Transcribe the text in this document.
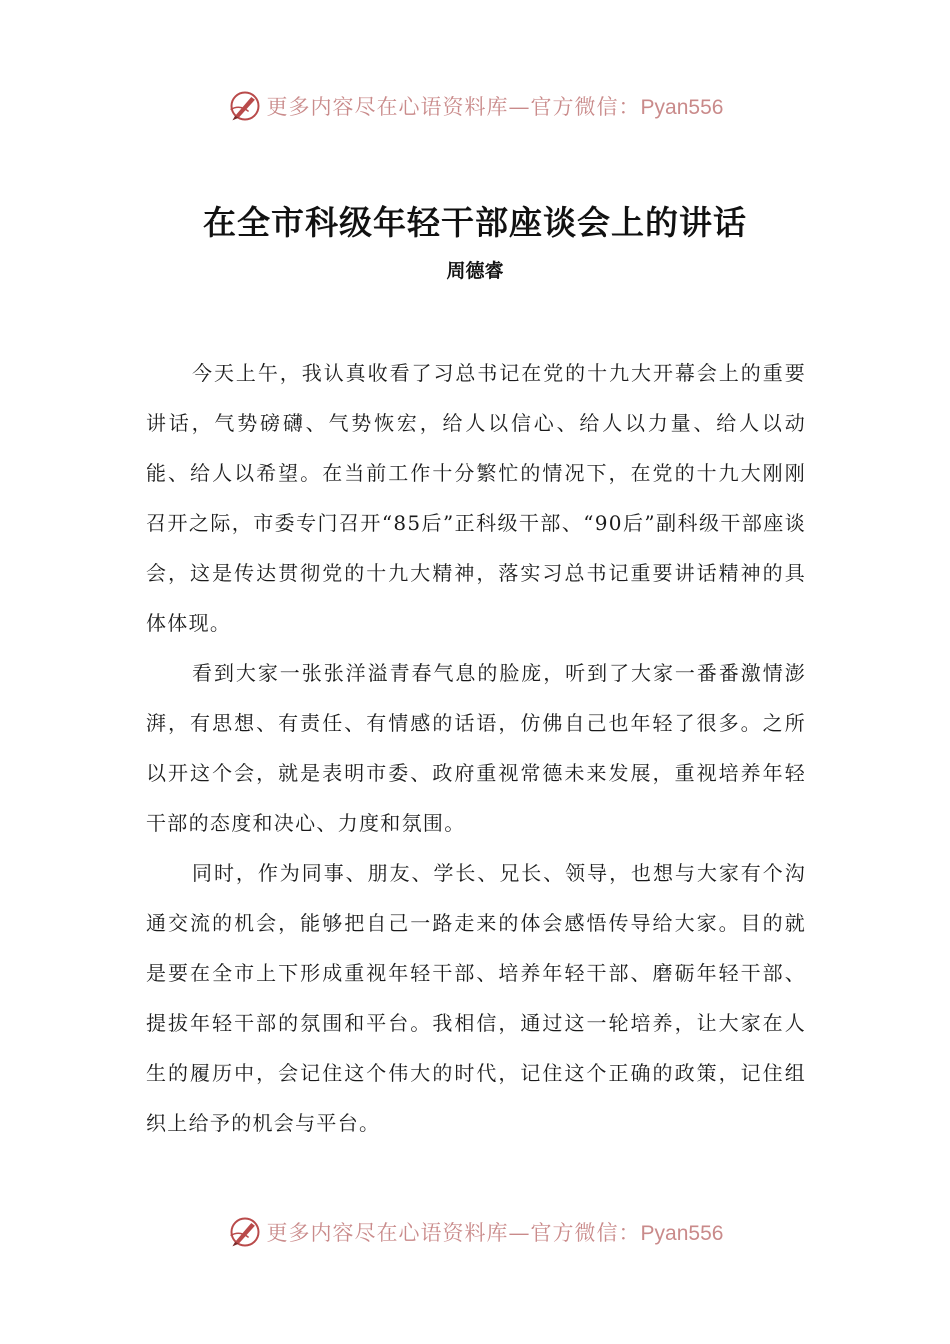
更多内容尽在心语资料库—官方微信：Pyan556
在全市科级年轻干部座谈会上的讲话
周德睿

今天上午，我认真收看了习总书记在党的十九大开幕会上的重要讲话，气势磅礴、气势恢宏，给人以信心、给人以力量、给人以动能、给人以希望。在当前工作十分繁忙的情况下，在党的十九大刚刚召开之际，市委专门召开“85后”正科级干部、“90后”副科级干部座谈会，这是传达贯彻党的十九大精神，落实习总书记重要讲话精神的具体体现。

看到大家一张张洋溢青春气息的脸庞，听到了大家一番番激情澎湃，有思想、有责任、有情感的话语，仿佛自己也年轻了很多。之所以开这个会，就是表明市委、政府重视常德未来发展，重视培养年轻干部的态度和决心、力度和氛围。

同时，作为同事、朋友、学长、兄长、领导，也想与大家有个沟通交流的机会，能够把自己一路走来的体会感悟传导给大家。目的就是要在全市上下形成重视年轻干部、培养年轻干部、磨砺年轻干部、提拔年轻干部的氛围和平台。我相信，通过这一轮培养，让大家在人生的履历中，会记住这个伟大的时代，记住这个正确的政策，记住组织上给予的机会与平台。

更多内容尽在心语资料库—官方微信：Pyan556
